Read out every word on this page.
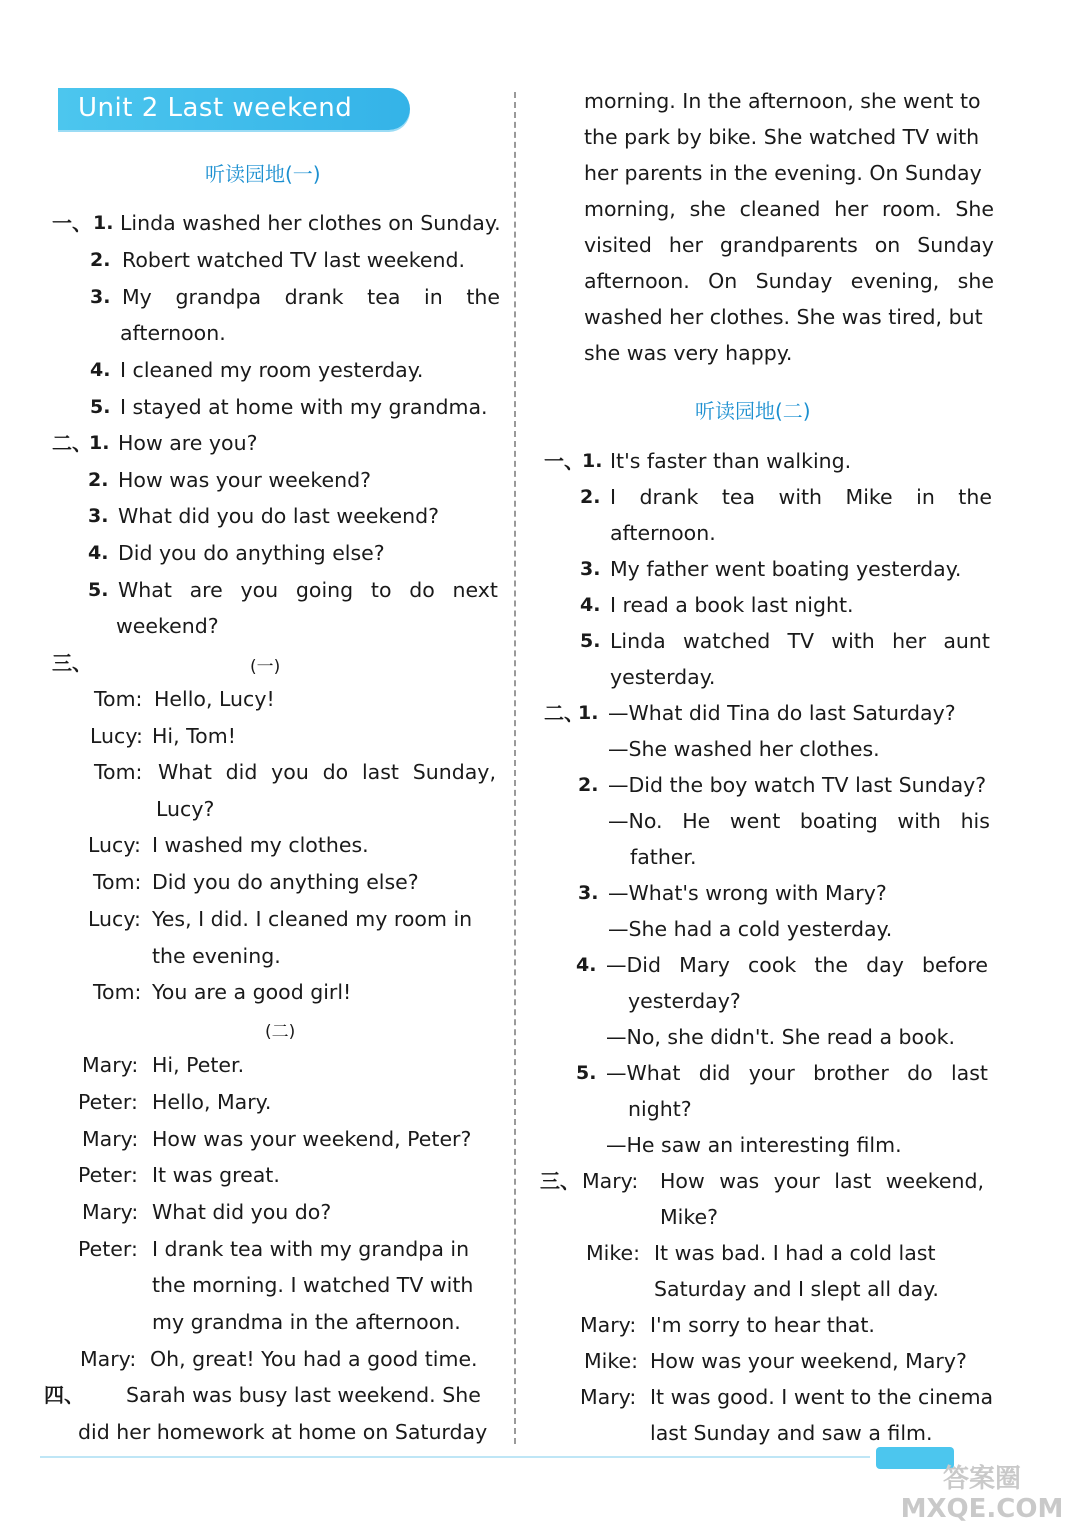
Unit 2 Last weekend
听读园地(一)
一、 1. Linda washed her clothes on Sunday.
2. Robert watched TV last weekend.
3. My grandpa drank tea in the
afternoon.
4. I cleaned my room yesterday.
5. I stayed at home with my grandma.
二、
1. How are you?
2. How was your weekend?
3. What did you do last weekend?
4. Did you do anything else?
5. What are you going to do next
weekend?
三、	(一)
Tom: Hello, Lucy!
Lucy: Hi, Tom!
Tom: What did you do last Sunday,
Lucy?
Lucy: I washed my clothes.
Tom: Did you do anything else?
Lucy: Yes, I did. I cleaned my room in
the evening.
Tom: You are a good girl!
(二)
Mary: Hi, Peter.
Peter: Hello, Mary.
Mary: How was your weekend, Peter?
Peter: It was great.
Mary: What did you do?
Peter: I drank tea with my grandpa in
the morning. I watched TV with
my grandma in the afternoon.
Mary: Oh, great! You had a good time.
四、 Sarah was busy last weekend. She
did her homework at home on Saturday
morning. In the afternoon, she went to
the park by bike. She watched TV with
her parents in the evening. On Sunday
morning, she cleaned her room. She
visited her grandparents on Sunday
afternoon. On Sunday evening, she
washed her clothes. She was tired, but
she was very happy.
听读园地(二)
一、
1. It's faster than walking.
2. I drank tea with Mike in the
afternoon.
3. My father went boating yesterday.
4. I read a book last night.
5. Linda watched TV with her aunt
yesterday.
二、
1. —What did Tina do last Saturday?
—She washed her clothes.
2. —Did the boy watch TV last Sunday?
—No. He went boating with his
father.
3. —What's wrong with Mary?
—She had a cold yesterday.
4. —Did Mary cook the day before
yesterday?
—No, she didn't. She read a book.
5. —What did your brother do last
night?
—He saw an interesting film.
三、 Mary: How was your last weekend,
Mike?
Mike: It was bad. I had a cold last
Saturday and I slept all day.
Mary: I'm sorry to hear that.
Mike: How was your weekend, Mary?
Mary: It was good. I went to the cinema
last Sunday and saw a film.
答案圈
MXQE.COM
